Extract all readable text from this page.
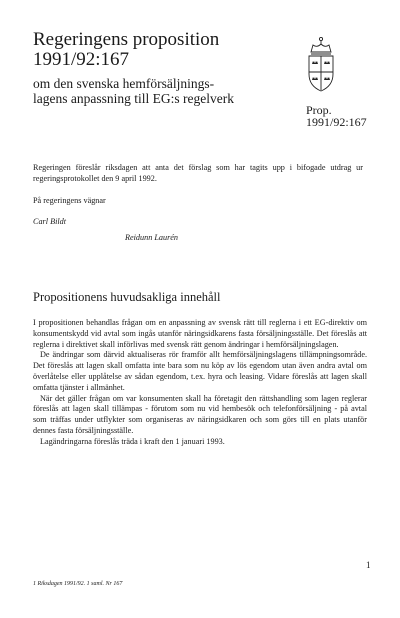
Regeringens proposition
1991/92:167
om den svenska hemförsäljnings-
lagens anpassning till EG:s regelverk
Prop.
1991/92:167
Regeringen föreslår riksdagen att anta det förslag som har tagits upp i bifogade utdrag ur regeringsprotokollet den 9 april 1992.
På regeringens vägnar
Carl Bildt
Reidunn Laurén
Propositionens huvudsakliga innehåll

I propositionen behandlas frågan om en anpassning av svensk rätt till reglerna i ett EG-direktiv om konsumentskydd vid avtal som ingås utanför näringsidkarens fasta försäljningsställe. Det föreslås att reglerna i direktivet skall införlivas med svensk rätt genom ändringar i hemförsäljningslagen.

De ändringar som därvid aktualiseras rör framför allt hemförsäljningslagens tillämpningsområde. Det föreslås att lagen skall omfatta inte bara som nu köp av lös egendom utan även andra avtal om överlåtelse eller upplåtelse av sådan egendom, t.ex. hyra och leasing. Vidare föreslås att lagen skall omfatta tjänster i allmänhet.

När det gäller frågan om var konsumenten skall ha företagit den rättshandling som lagen reglerar föreslås att lagen skall tillämpas - förutom som nu vid hembesök och telefonförsäljning - på avtal som träffas under utflykter som organiseras av näringsidkaren och som görs till en plats utanför dennes fasta försäljningsställe.

Lagändringarna föreslås träda i kraft den 1 januari 1993.

1
1 Riksdagen 1991/92. 1 saml. Nr 167
